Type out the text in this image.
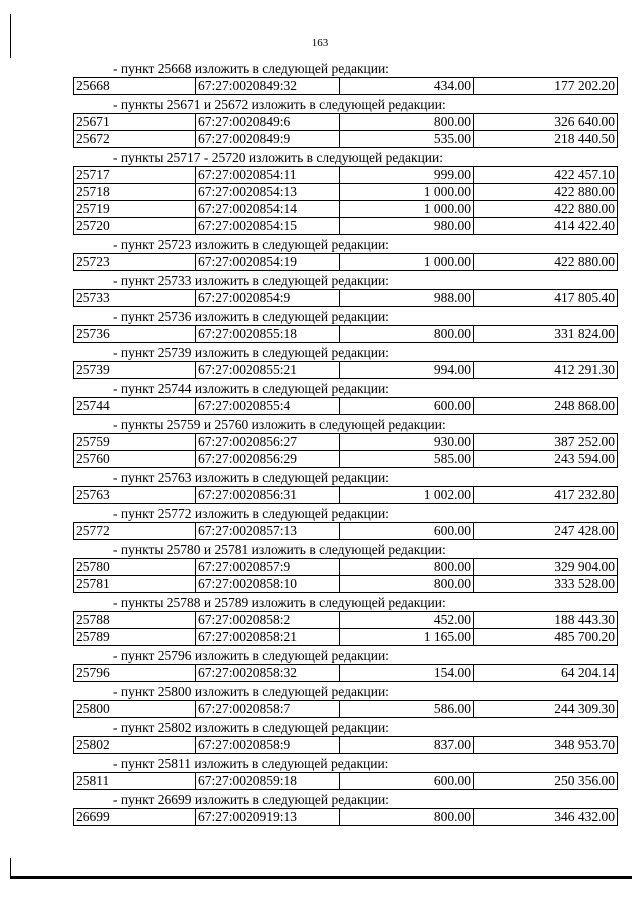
163
- пункт 25668 изложить в следующей редакции:
25668	67:27:0020849:32	434.00	177 202.20
- пункты 25671 и 25672 изложить в следующей редакции:
25671	67:27:0020849:6	800.00	326 640.00
25672	67:27:0020849:9	535.00	218 440.50
- пункты 25717 - 25720 изложить в следующей редакции:
25717	67:27:0020854:11	999.00	422 457.10
25718	67:27:0020854:13	1 000.00	422 880.00
25719	67:27:0020854:14	1 000.00	422 880.00
25720	67:27:0020854:15	980.00	414 422.40
- пункт 25723 изложить в следующей редакции:
25723	67:27:0020854:19	1 000.00	422 880.00
- пункт 25733 изложить в следующей редакции:
25733	67:27:0020854:9	988.00	417 805.40
- пункт 25736 изложить в следующей редакции:
25736	67:27:0020855:18	800.00	331 824.00
- пункт 25739 изложить в следующей редакции:
25739	67:27:0020855:21	994.00	412 291.30
- пункт 25744 изложить в следующей редакции:
25744	67:27:0020855:4	600.00	248 868.00
- пункты 25759 и 25760 изложить в следующей редакции:
25759	67:27:0020856:27	930.00	387 252.00
25760	67:27:0020856:29	585.00	243 594.00
- пункт 25763 изложить в следующей редакции:
25763	67:27:0020856:31	1 002.00	417 232.80
- пункт 25772 изложить в следующей редакции:
25772	67:27:0020857:13	600.00	247 428.00
- пункты 25780 и 25781 изложить в следующей редакции:
25780	67:27:0020857:9	800.00	329 904.00
25781	67:27:0020858:10	800.00	333 528.00
- пункты 25788 и 25789 изложить в следующей редакции:
25788	67:27:0020858:2	452.00	188 443.30
25789	67:27:0020858:21	1 165.00	485 700.20
- пункт 25796 изложить в следующей редакции:
25796	67:27:0020858:32	154.00	64 204.14
- пункт 25800 изложить в следующей редакции:
25800	67:27:0020858:7	586.00	244 309.30
- пункт 25802 изложить в следующей редакции:
25802	67:27:0020858:9	837.00	348 953.70
- пункт 25811 изложить в следующей редакции:
25811	67:27:0020859:18	600.00	250 356.00
- пункт 26699 изложить в следующей редакции:
26699	67:27:0020919:13	800.00	346 432.00
